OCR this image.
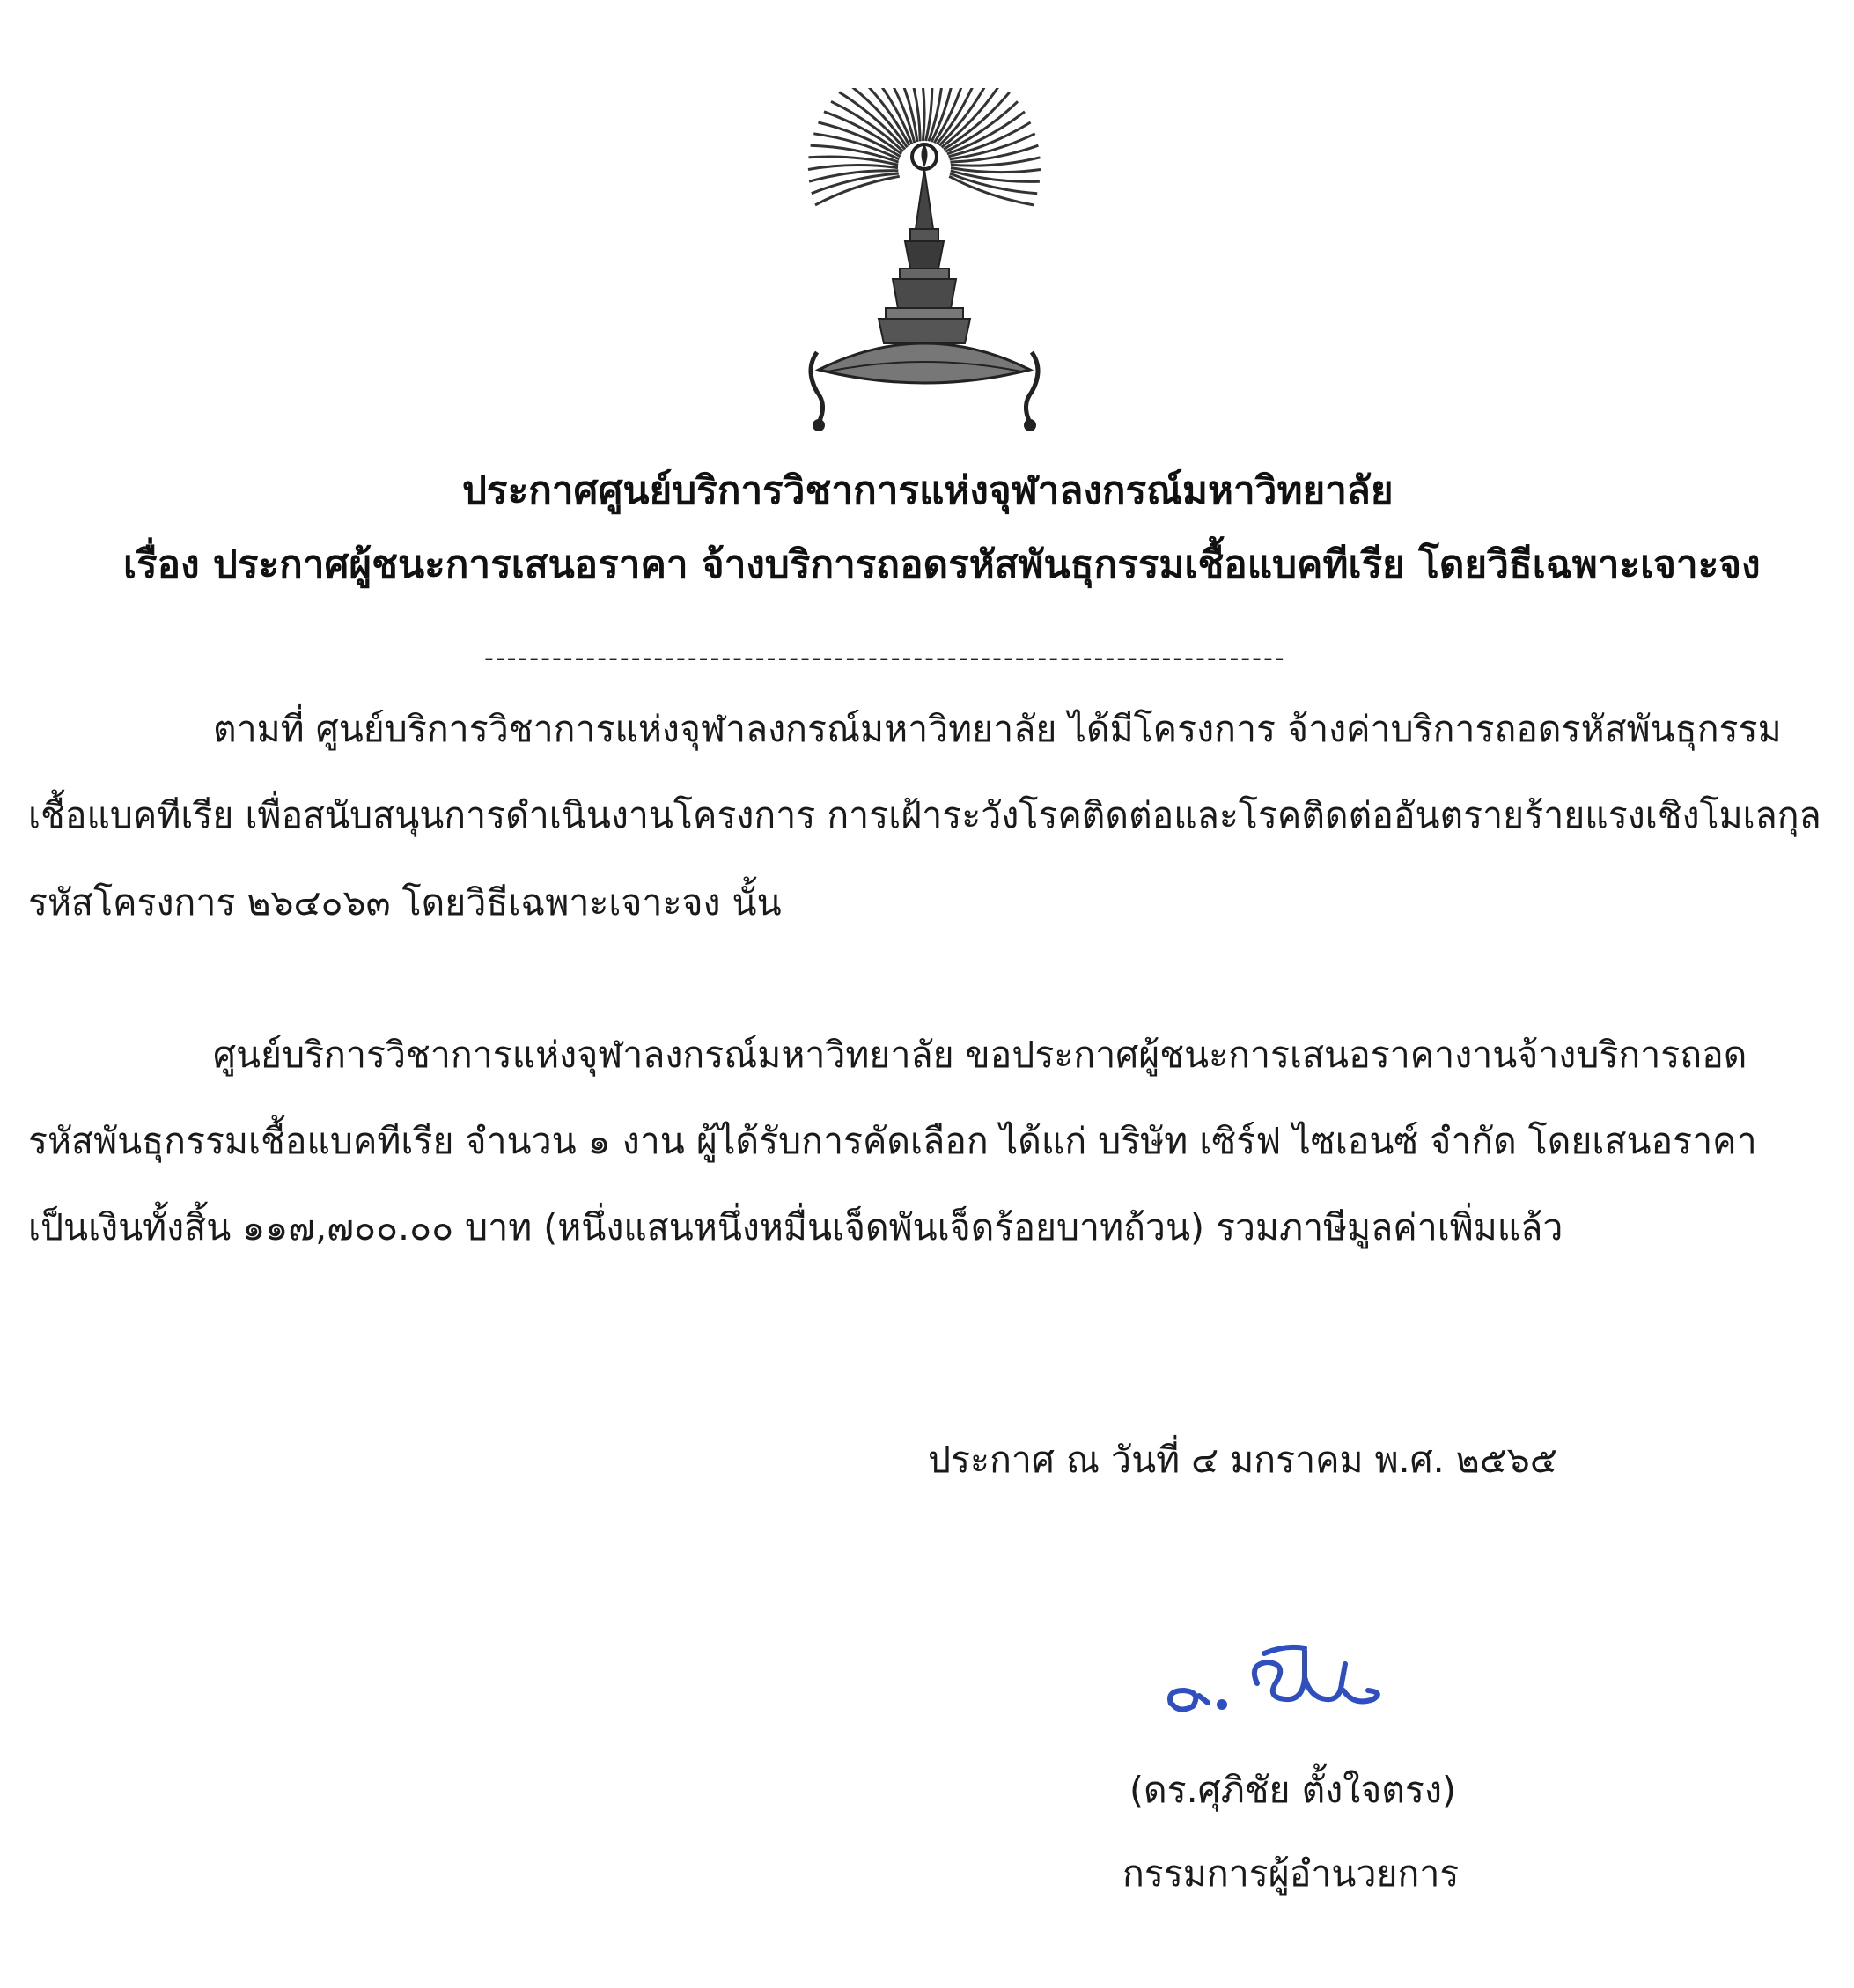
ประกาศศูนย์บริการวิชาการแห่งจุฬาลงกรณ์มหาวิทยาลัย
เรื่อง ประกาศผู้ชนะการเสนอราคา จ้างบริการถอดรหัสพันธุกรรมเชื้อแบคทีเรีย โดยวิธีเฉพาะเจาะจง
-----------------------------------------------------------------------
ตามที่ ศูนย์บริการวิชาการแห่งจุฬาลงกรณ์มหาวิทยาลัย ได้มีโครงการ จ้างค่าบริการถอดรหัสพันธุกรรม
เชื้อแบคทีเรีย เพื่อสนับสนุนการดำเนินงานโครงการ การเฝ้าระวังโรคติดต่อและโรคติดต่ออันตรายร้ายแรงเชิงโมเลกุล
รหัสโครงการ ๒๖๔๐๖๓ โดยวิธีเฉพาะเจาะจง นั้น
ศูนย์บริการวิชาการแห่งจุฬาลงกรณ์มหาวิทยาลัย ขอประกาศผู้ชนะการเสนอราคางานจ้างบริการถอด
รหัสพันธุกรรมเชื้อแบคทีเรีย จำนวน ๑ งาน ผู้ได้รับการคัดเลือก ได้แก่ บริษัท เซิร์ฟ ไซเอนซ์ จำกัด โดยเสนอราคา
เป็นเงินทั้งสิ้น ๑๑๗,๗๐๐.๐๐ บาท (หนึ่งแสนหนึ่งหมื่นเจ็ดพันเจ็ดร้อยบาทถ้วน) รวมภาษีมูลค่าเพิ่มแล้ว
ประกาศ ณ วันที่ ๔ มกราคม พ.ศ. ๒๕๖๕
(ดร.ศุภิชัย ตั้งใจตรง)
กรรมการผู้อำนวยการ
